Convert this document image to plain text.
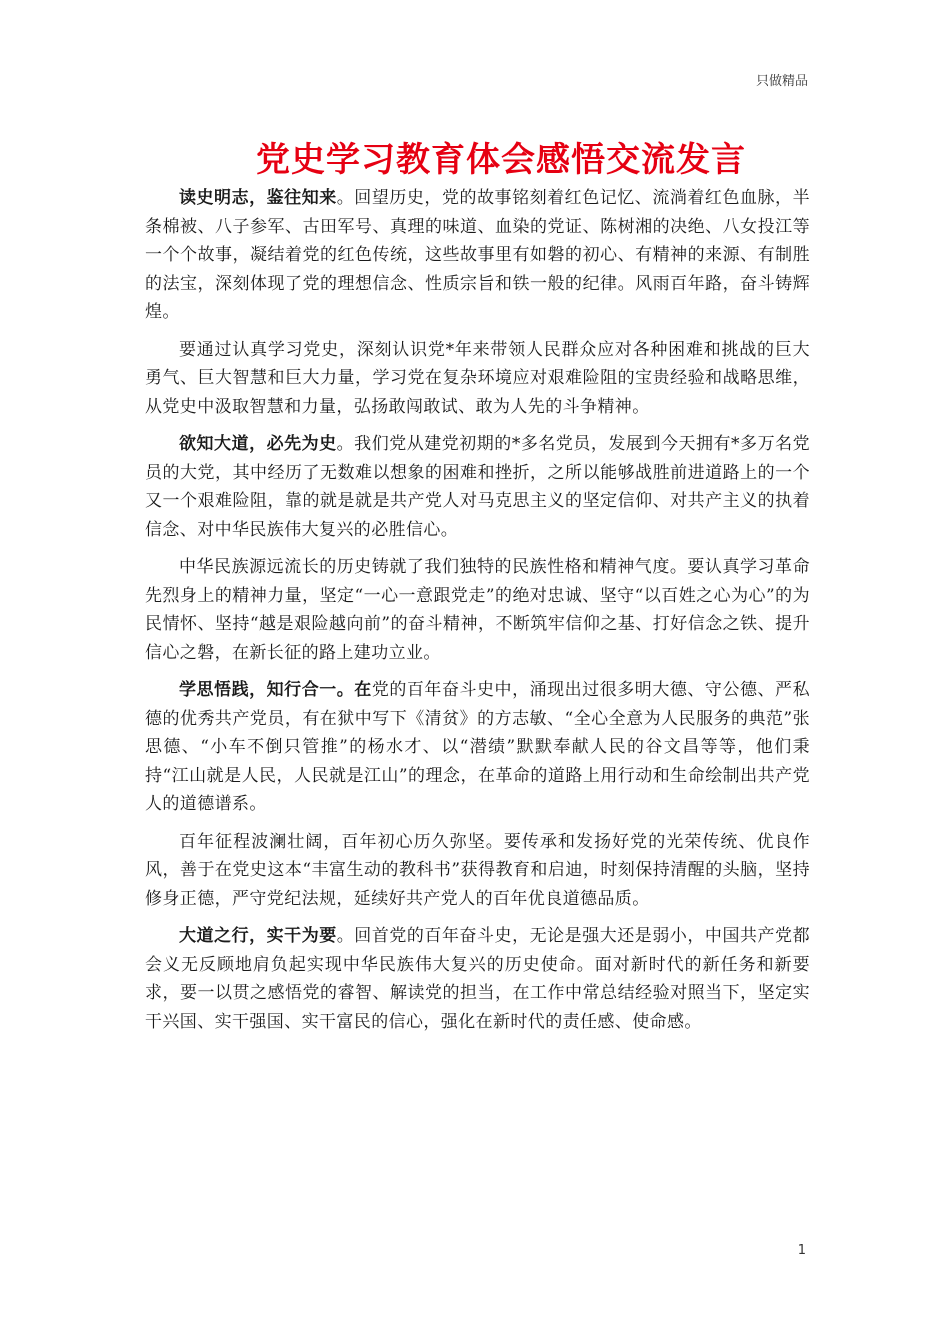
只做精品
党史学习教育体会感悟交流发言

读史明志，鉴往知来。回望历史，党的故事铭刻着红色记忆、流淌着红色血脉，半条棉被、八子参军、古田军号、真理的味道、血染的党证、陈树湘的决绝、八女投江等一个个故事，凝结着党的红色传统，这些故事里有如磐的初心、有精神的来源、有制胜的法宝，深刻体现了党的理想信念、性质宗旨和铁一般的纪律。风雨百年路，奋斗铸辉煌。

要通过认真学习党史，深刻认识党*年来带领人民群众应对各种困难和挑战的巨大勇气、巨大智慧和巨大力量，学习党在复杂环境应对艰难险阻的宝贵经验和战略思维，从党史中汲取智慧和力量，弘扬敢闯敢试、敢为人先的斗争精神。

欲知大道，必先为史。我们党从建党初期的*多名党员，发展到今天拥有*多万名党员的大党，其中经历了无数难以想象的困难和挫折，之所以能够战胜前进道路上的一个又一个艰难险阻，靠的就是就是共产党人对马克思主义的坚定信仰、对共产主义的执着信念、对中华民族伟大复兴的必胜信心。

中华民族源远流长的历史铸就了我们独特的民族性格和精神气度。要认真学习革命先烈身上的精神力量，坚定“一心一意跟党走”的绝对忠诚、坚守“以百姓之心为心”的为民情怀、坚持“越是艰险越向前”的奋斗精神，不断筑牢信仰之基、打好信念之铁、提升信心之磐，在新长征的路上建功立业。

学思悟践，知行合一。在党的百年奋斗史中，涌现出过很多明大德、守公德、严私德的优秀共产党员，有在狱中写下《清贫》的方志敏、“全心全意为人民服务的典范”张思德、“小车不倒只管推”的杨水才、以“潜绩”默默奉献人民的谷文昌等等，他们秉持“江山就是人民，人民就是江山”的理念，在革命的道路上用行动和生命绘制出共产党人的道德谱系。

百年征程波澜壮阔，百年初心历久弥坚。要传承和发扬好党的光荣传统、优良作风，善于在党史这本“丰富生动的教科书”获得教育和启迪，时刻保持清醒的头脑，坚持修身正德，严守党纪法规，延续好共产党人的百年优良道德品质。

大道之行，实干为要。回首党的百年奋斗史，无论是强大还是弱小，中国共产党都会义无反顾地肩负起实现中华民族伟大复兴的历史使命。面对新时代的新任务和新要求，要一以贯之感悟党的睿智、解读党的担当，在工作中常总结经验对照当下，坚定实干兴国、实干强国、实干富民的信心，强化在新时代的责任感、使命感。

1
